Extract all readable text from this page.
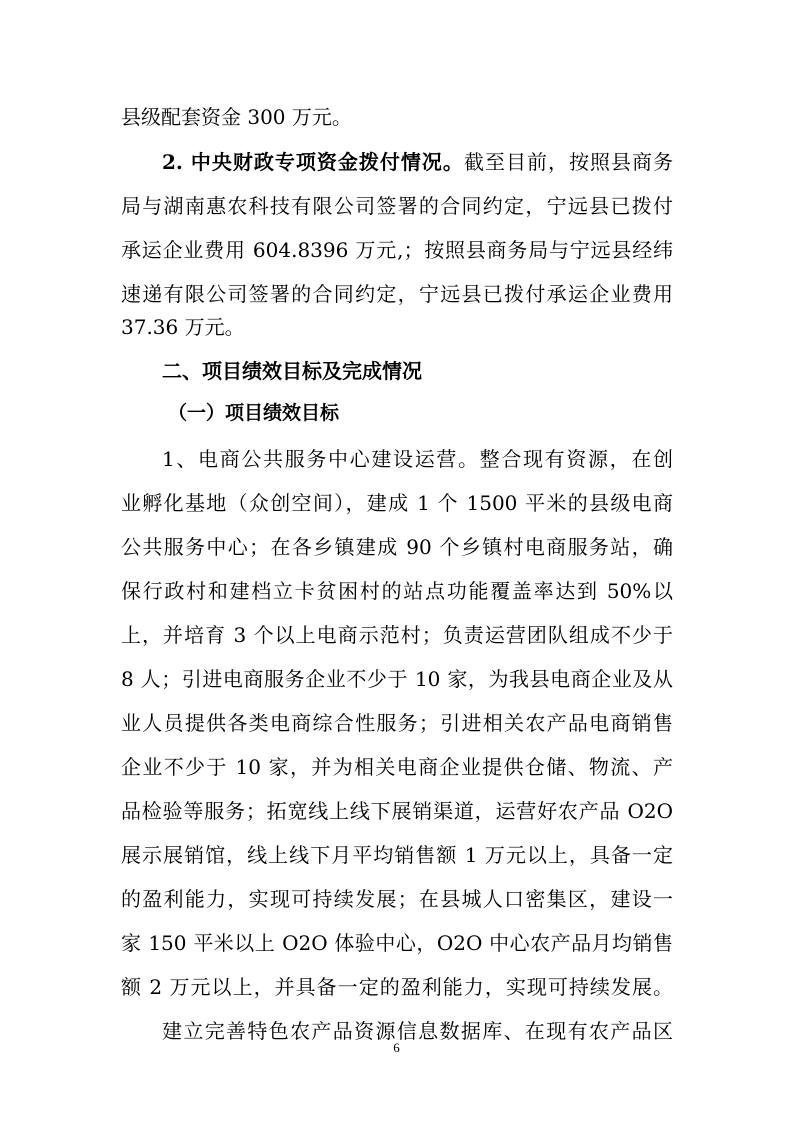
县级配套资金 300 万元。

2. 中央财政专项资金拨付情况。截至目前，按照县商务

局与湖南惠农科技有限公司签署的合同约定，宁远县已拨付

承运企业费用 604.8396 万元,；按照县商务局与宁远县经纬

速递有限公司签署的合同约定，宁远县已拨付承运企业费用

37.36 万元。

二、项目绩效目标及完成情况
（一）项目绩效目标

1、电商公共服务中心建设运营。整合现有资源，在创

业孵化基地（众创空间），建成 1 个 1500 平米的县级电商

公共服务中心；在各乡镇建成 90 个乡镇村电商服务站，确

保行政村和建档立卡贫困村的站点功能覆盖率达到 50%以

上，并培育 3 个以上电商示范村；负责运营团队组成不少于

8 人；引进电商服务企业不少于 10 家，为我县电商企业及从

业人员提供各类电商综合性服务；引进相关农产品电商销售

企业不少于 10 家，并为相关电商企业提供仓储、物流、产

品检验等服务；拓宽线上线下展销渠道，运营好农产品 O2O

展示展销馆，线上线下月平均销售额 1 万元以上，具备一定

的盈利能力，实现可持续发展；在县城人口密集区，建设一

家 150 平米以上 O2O 体验中心，O2O 中心农产品月均销售

额 2 万元以上，并具备一定的盈利能力，实现可持续发展。

建立完善特色农产品资源信息数据库、在现有农产品区

6
